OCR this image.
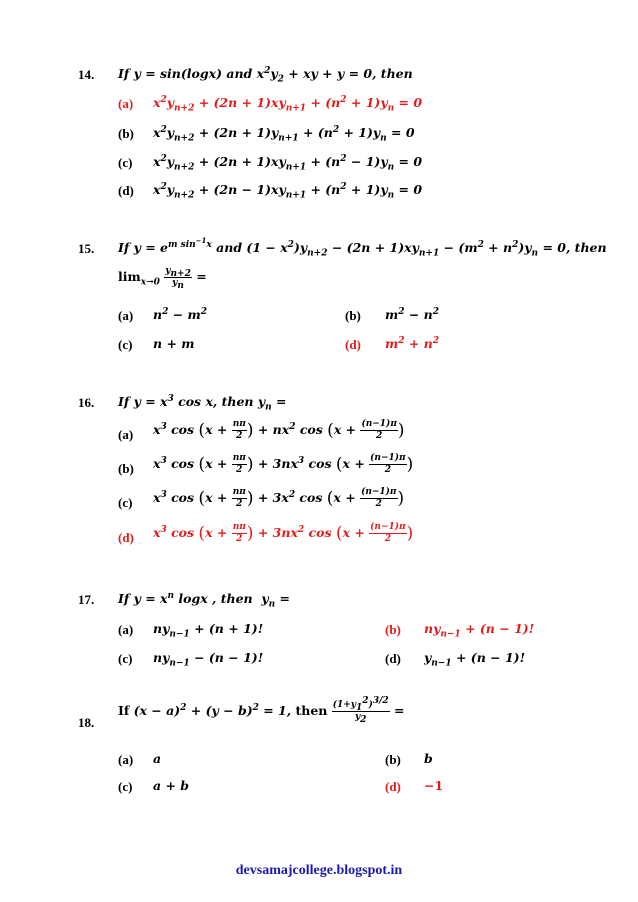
14. If y = sin(logx) and $x^2y_2$ + xy + y = 0, then
(a) $x^2y_{n+2} + (2n + 1)xy_{n+1} + (n^2 + 1)y_n = 0$
(b) $x^2y_{n+2} + (2n + 1)y_{n+1} + (n^2 + 1)y_n = 0$
(c) $x^2y_{n+2} + (2n + 1)xy_{n+1} + (n^2 - 1)y_n = 0$
(d) $x^2y_{n+2} + (2n - 1)xy_{n+1} + (n^2 + 1)y_n = 0$
15. If $y = e^{m sin^{-1}x}$ and $(1 - x^2)y_{n+2} - (2n + 1)xy_{n+1} - (m^2 + n^2)y_n = 0$, then
$\lim_{x\to 0} \frac{y_{n+2}}{y_n}$ =
(a) $n^2 - m^2$	(b) $m^2 - n^2$
(c) n + m	(d) $m^2 + n^2$
16. If $y = x^3$ cos x, then $y_n$ =
(a) $x^3$ $\cos (x + \frac{n\pi}{2}$ ) + $nx^2$ $\cos (x + \frac{(n-1)\pi}{2}$ )
(b) $x^3$ $\cos (x + \frac{n\pi}{2}$ ) + $3nx^3$ $\cos (x + \frac{(n-1)\pi}{2}$ )
(c) $x^3$ $\cos (x + \frac{n\pi}{2}$ ) + $3x^2$ $\cos (x + \frac{(n-1)\pi}{2}$ )
(d) $x^3$ $\cos (x + \frac{n\pi}{2}$ ) + $3nx^2$ $\cos (x + \frac{(n-1)\pi}{2}$ )
17. If $y = x^n$ logx , then  $y_n$ =
(a) $ny_{n-1} + (n + 1)$!	(b) $ny_{n-1} + (n - 1)$!
(c) $ny_{n-1} - (n - 1)$!	(d) $y_{n-1} + (n - 1)$!
18.
If $(x - a)^2 + (y - b)^2 = 1$, then $\frac{(1+y_1^2)^{3/2}}{y_2}$ =
(a) a	(b) b
(c) a + b	(d) −1
devsamajcollege.blogspot.in
